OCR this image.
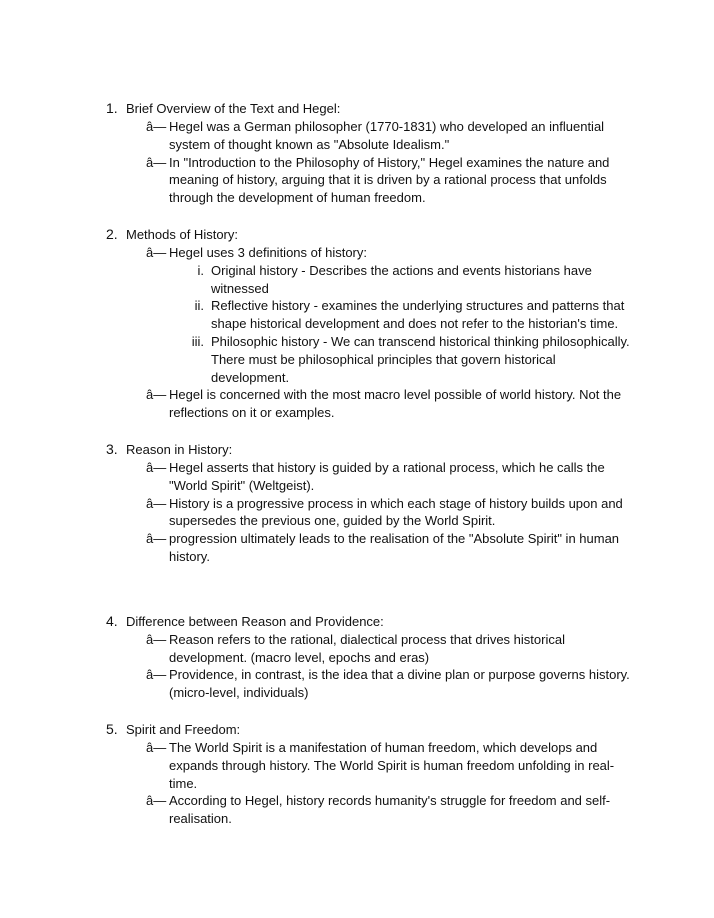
1. Brief Overview of the Text and Hegel:
â— Hegel was a German philosopher (1770-1831) who developed an influential system of thought known as "Absolute Idealism."
â— In "Introduction to the Philosophy of History," Hegel examines the nature and meaning of history, arguing that it is driven by a rational process that unfolds through the development of human freedom.
2. Methods of History:
â— Hegel uses 3 definitions of history:
i. Original history - Describes the actions and events historians have witnessed
ii. Reflective history - examines the underlying structures and patterns that shape historical development and does not refer to the historian's time.
iii. Philosophic history - We can transcend historical thinking philosophically. There must be philosophical principles that govern historical development.
â— Hegel is concerned with the most macro level possible of world history. Not the reflections on it or examples.
3. Reason in History:
â— Hegel asserts that history is guided by a rational process, which he calls the "World Spirit" (Weltgeist).
â— History is a progressive process in which each stage of history builds upon and supersedes the previous one, guided by the World Spirit.
â— progression ultimately leads to the realisation of the "Absolute Spirit" in human history.
4. Difference between Reason and Providence:
â— Reason refers to the rational, dialectical process that drives historical development. (macro level, epochs and eras)
â— Providence, in contrast, is the idea that a divine plan or purpose governs history. (micro-level, individuals)
5. Spirit and Freedom:
â— The World Spirit is a manifestation of human freedom, which develops and expands through history. The World Spirit is human freedom unfolding in real-time.
â— According to Hegel, history records humanity's struggle for freedom and self-realisation.
